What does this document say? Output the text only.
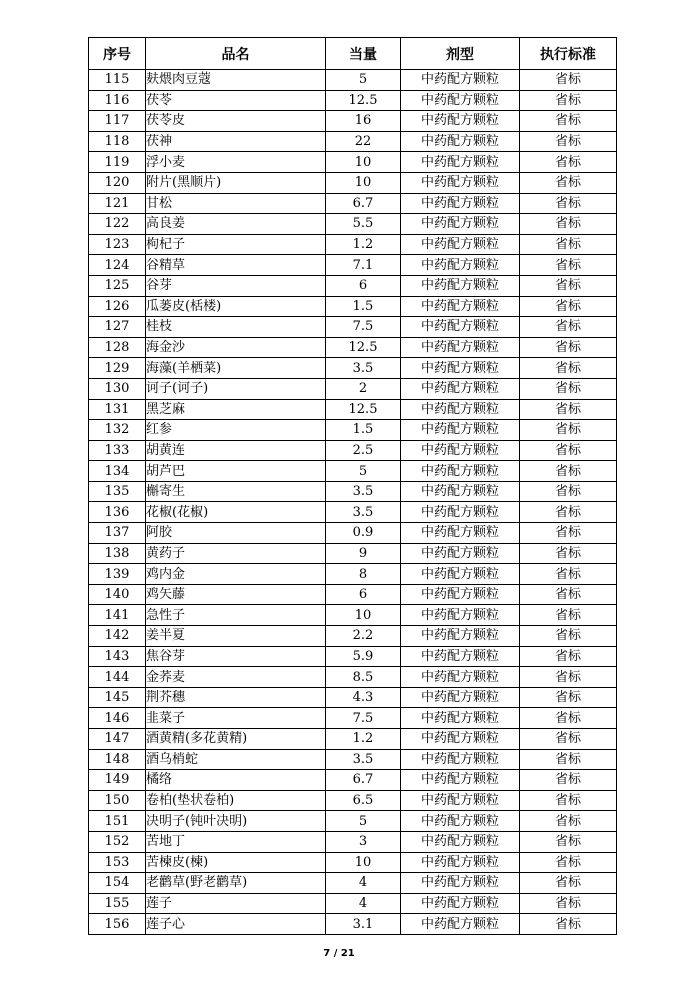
序号	品名	当量	剂型	执行标准
115	麸煨肉豆蔻	5	中药配方颗粒	省标
116	茯苓	12.5	中药配方颗粒	省标
117	茯苓皮	16	中药配方颗粒	省标
118	茯神	22	中药配方颗粒	省标
119	浮小麦	10	中药配方颗粒	省标
120	附片(黑顺片)	10	中药配方颗粒	省标
121	甘松	6.7	中药配方颗粒	省标
122	高良姜	5.5	中药配方颗粒	省标
123	枸杞子	1.2	中药配方颗粒	省标
124	谷精草	7.1	中药配方颗粒	省标
125	谷芽	6	中药配方颗粒	省标
126	瓜蒌皮(栝楼)	1.5	中药配方颗粒	省标
127	桂枝	7.5	中药配方颗粒	省标
128	海金沙	12.5	中药配方颗粒	省标
129	海藻(羊栖菜)	3.5	中药配方颗粒	省标
130	诃子(诃子)	2	中药配方颗粒	省标
131	黑芝麻	12.5	中药配方颗粒	省标
132	红参	1.5	中药配方颗粒	省标
133	胡黄连	2.5	中药配方颗粒	省标
134	胡芦巴	5	中药配方颗粒	省标
135	槲寄生	3.5	中药配方颗粒	省标
136	花椒(花椒)	3.5	中药配方颗粒	省标
137	阿胶	0.9	中药配方颗粒	省标
138	黄药子	9	中药配方颗粒	省标
139	鸡内金	8	中药配方颗粒	省标
140	鸡矢藤	6	中药配方颗粒	省标
141	急性子	10	中药配方颗粒	省标
142	姜半夏	2.2	中药配方颗粒	省标
143	焦谷芽	5.9	中药配方颗粒	省标
144	金荞麦	8.5	中药配方颗粒	省标
145	荆芥穗	4.3	中药配方颗粒	省标
146	韭菜子	7.5	中药配方颗粒	省标
147	酒黄精(多花黄精)	1.2	中药配方颗粒	省标
148	酒乌梢蛇	3.5	中药配方颗粒	省标
149	橘络	6.7	中药配方颗粒	省标
150	卷柏(垫状卷柏)	6.5	中药配方颗粒	省标
151	决明子(钝叶决明)	5	中药配方颗粒	省标
152	苦地丁	3	中药配方颗粒	省标
153	苦楝皮(楝)	10	中药配方颗粒	省标
154	老鹳草(野老鹳草)	4	中药配方颗粒	省标
155	莲子	4	中药配方颗粒	省标
156	莲子心	3.1	中药配方颗粒	省标
7 / 21
